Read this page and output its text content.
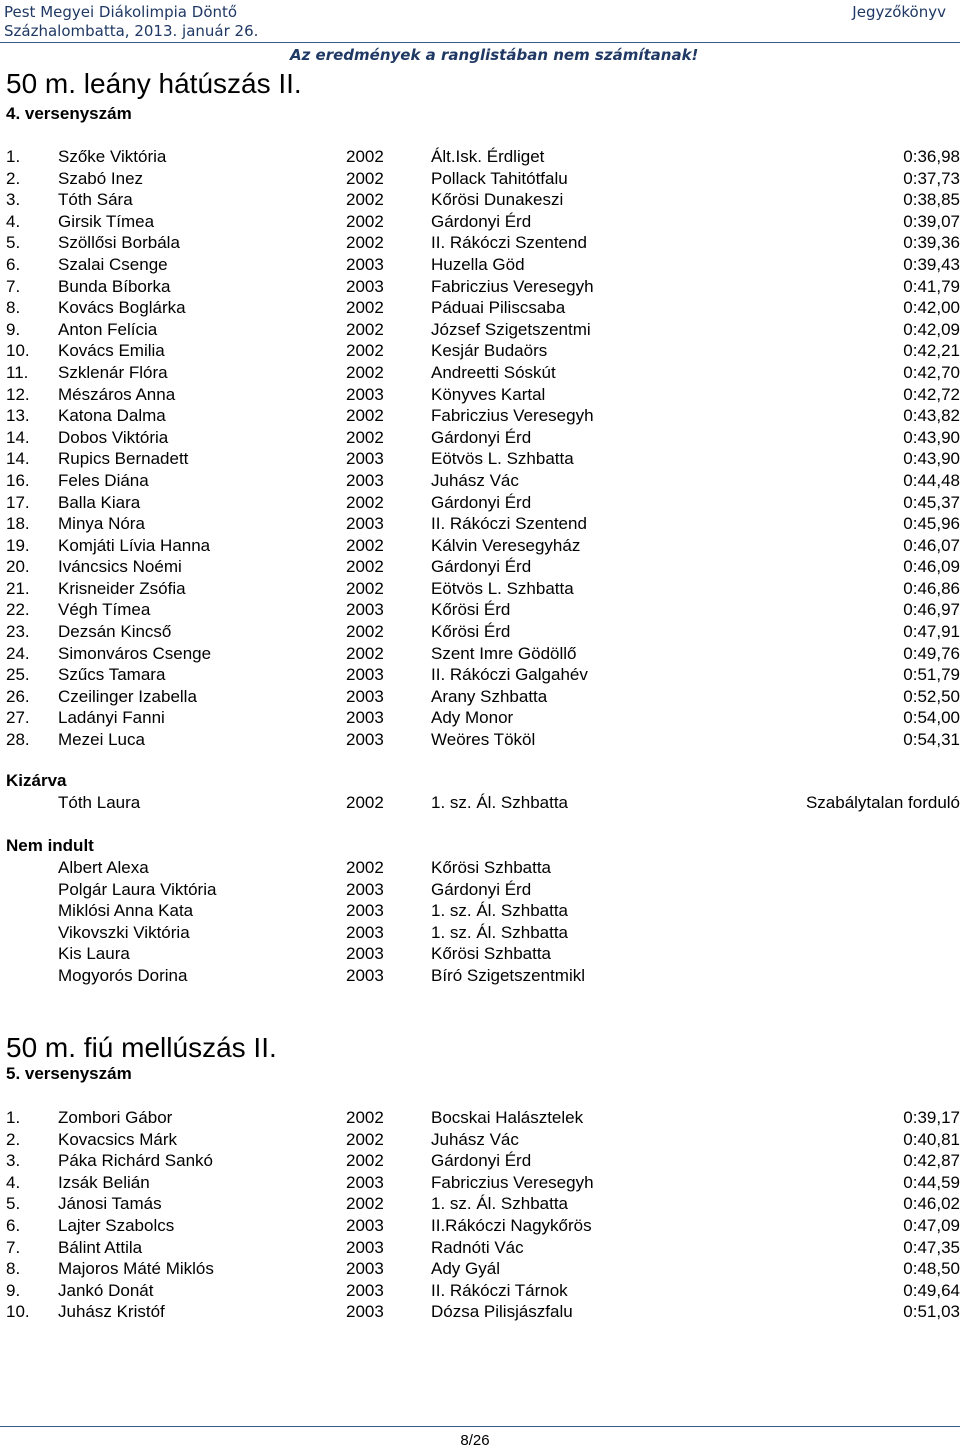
Pest Megyei Diákolimpia Döntő
Százhalombatta, 2013. január 26.
Jegyzőkönyv
Az eredmények a ranglistában nem számítanak!
50 m. leány hátúszás II.
4. versenyszám
1. Szőke Viktória	2002	Ált.Isk. Érdliget	0:36,98
2. Szabó Inez	2002	Pollack Tahitótfalu	0:37,73
3. Tóth Sára	2002	Kőrösi Dunakeszi	0:38,85
4. Girsik Tímea	2002	Gárdonyi Érd	0:39,07
5. Szöllősi Borbála	2002	II. Rákóczi Szentend	0:39,36
6. Szalai Csenge	2003	Huzella Göd	0:39,43
7. Bunda Bíborka	2003	Fabriczius Veresegyh	0:41,79
8. Kovács Boglárka	2002	Páduai Piliscsaba	0:42,00
9. Anton Felícia	2002	József Szigetszentmi	0:42,09
10. Kovács Emilia	2002	Kesjár Budaörs	0:42,21
11. Szklenár Flóra	2002	Andreetti Sóskút	0:42,70
12. Mészáros Anna	2003	Könyves Kartal	0:42,72
13. Katona Dalma	2002	Fabriczius Veresegyh	0:43,82
14. Dobos Viktória	2002	Gárdonyi Érd	0:43,90
14. Rupics Bernadett	2003	Eötvös L. Szhbatta	0:43,90
16. Feles Diána	2003	Juhász Vác	0:44,48
17. Balla Kiara	2002	Gárdonyi Érd	0:45,37
18. Minya Nóra	2003	II. Rákóczi Szentend	0:45,96
19. Komjáti Lívia Hanna	2002	Kálvin Veresegyház	0:46,07
20. Iváncsics Noémi	2002	Gárdonyi Érd	0:46,09
21. Krisneider Zsófia	2002	Eötvös L. Szhbatta	0:46,86
22. Végh Tímea	2003	Kőrösi Érd	0:46,97
23. Dezsán Kincső	2002	Kőrösi Érd	0:47,91
24. Simonváros Csenge	2002	Szent Imre Gödöllő	0:49,76
25. Szűcs Tamara	2003	II. Rákóczi Galgahév	0:51,79
26. Czeilinger Izabella	2003	Arany Szhbatta	0:52,50
27. Ladányi Fanni	2003	Ady Monor	0:54,00
28. Mezei Luca	2003	Weöres Tököl	0:54,31
Kizárva
Tóth Laura	2002	1. sz. Ál. Szhbatta	Szabálytalan forduló
Nem indult
Albert Alexa	2002	Kőrösi Szhbatta
Polgár Laura Viktória	2003	Gárdonyi Érd
Miklósi Anna Kata	2003	1. sz. Ál. Szhbatta
Vikovszki Viktória	2003	1. sz. Ál. Szhbatta
Kis Laura	2003	Kőrösi Szhbatta
Mogyorós Dorina	2003	Bíró Szigetszentmikl
50 m. fiú mellúszás II.
5. versenyszám
1. Zombori Gábor	2002	Bocskai Halásztelek	0:39,17
2. Kovacsics Márk	2002	Juhász Vác	0:40,81
3. Páka Richárd Sankó	2002	Gárdonyi Érd	0:42,87
4. Izsák Belián	2003	Fabriczius Veresegyh	0:44,59
5. Jánosi Tamás	2002	1. sz. Ál. Szhbatta	0:46,02
6. Lajter Szabolcs	2003	II.Rákóczi Nagykőrös	0:47,09
7. Bálint Attila	2003	Radnóti Vác	0:47,35
8. Majoros Máté Miklós	2003	Ady Gyál	0:48,50
9. Jankó Donát	2003	II. Rákóczi Tárnok	0:49,64
10. Juhász Kristóf	2003	Dózsa Pilisjászfalu	0:51,03
8/26
